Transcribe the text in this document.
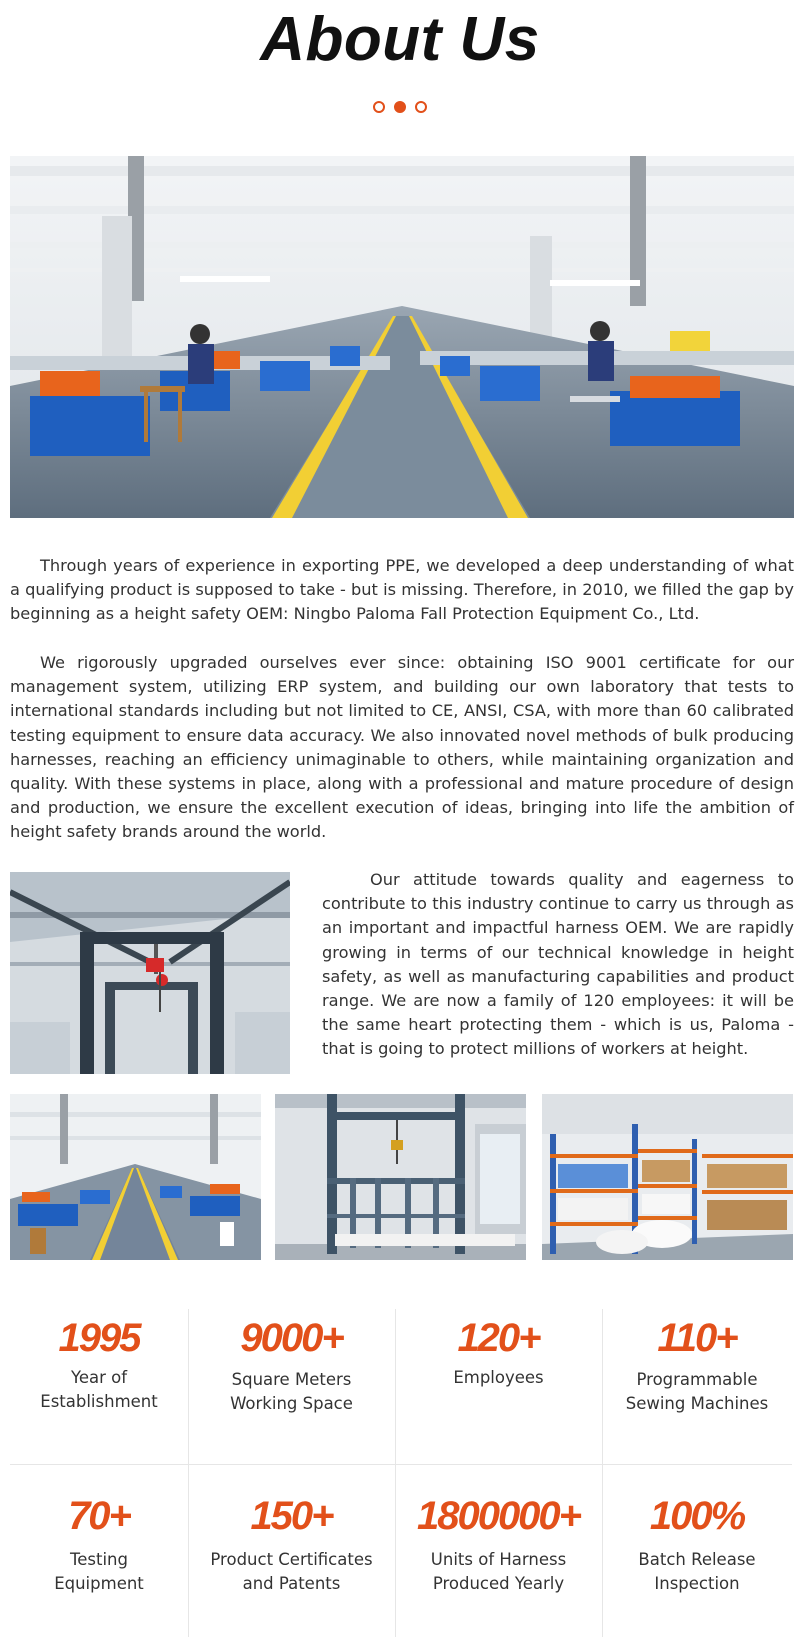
About Us

Through years of experience in exporting PPE, we developed a deep understanding of what a qualifying product is supposed to take - but is missing. Therefore, in 2010, we filled the gap by beginning as a height safety OEM: Ningbo Paloma Fall Protection Equipment Co., Ltd.

We rigorously upgraded ourselves ever since: obtaining ISO 9001 certificate for our management system, utilizing ERP system, and building our own laboratory that tests to international standards including but not limited to CE, ANSI, CSA, with more than 60 calibrated testing equipment to ensure data accuracy. We also innovated novel methods of bulk producing harnesses, reaching an efficiency unimaginable to others, while maintaining organization and quality. With these systems in place, along with a professional and mature procedure of design and production, we ensure the excellent execution of ideas, bringing into life the ambition of height safety brands around the world.

Our attitude towards quality and eagerness to contribute to this industry continue to carry us through as an important and impactful harness OEM. We are rapidly growing in terms of our technical knowledge in height safety, as well as manufacturing capabilities and product range. We are now a family of 120 employees: it will be the same heart protecting them - which is us, Paloma - that is going to protect millions of workers at height.

1995
Year of
Establishment
9000+
Square Meters
Working Space
120+
Employees
110+
Programmable
Sewing Machines
70+
Testing
Equipment
150+
Product Certificates
and Patents
1800000+
Units of Harness
Produced Yearly
100%
Batch Release
Inspection
